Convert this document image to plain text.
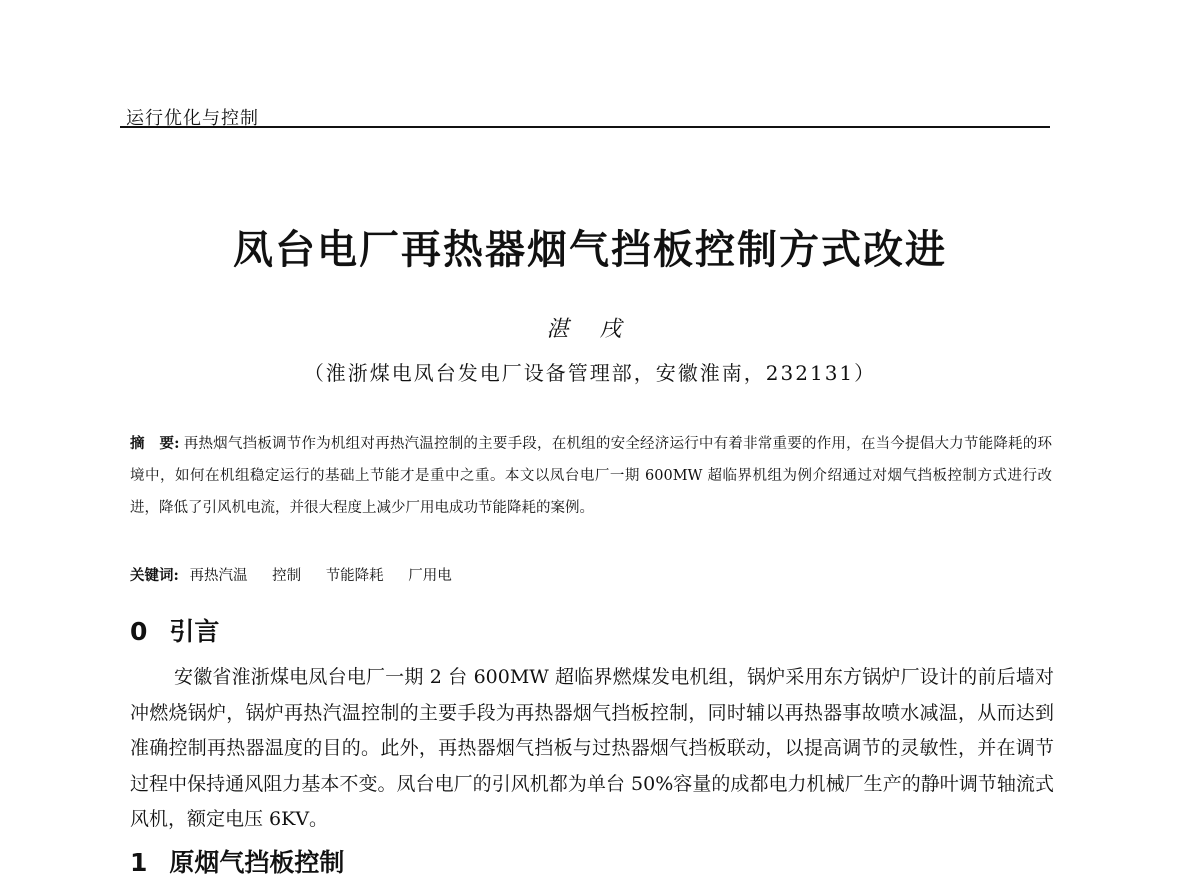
运行优化与控制
凤台电厂再热器烟气挡板控制方式改进
湛 戌
（淮浙煤电凤台发电厂设备管理部，安徽淮南，232131）
摘　要: 再热烟气挡板调节作为机组对再热汽温控制的主要手段，在机组的安全经济运行中有着非常重要的作用，在当今提倡大力节能降耗的环境中，如何在机组稳定运行的基础上节能才是重中之重。本文以凤台电厂一期 600MW 超临界机组为例介绍通过对烟气挡板控制方式进行改进，降低了引风机电流，并很大程度上减少厂用电成功节能降耗的案例。
关键词: 再热汽温 控制 节能降耗 厂用电
0 引言
安徽省淮浙煤电凤台电厂一期 2 台 600MW 超临界燃煤发电机组，锅炉采用东方锅炉厂设计的前后墙对冲燃烧锅炉，锅炉再热汽温控制的主要手段为再热器烟气挡板控制，同时辅以再热器事故喷水减温，从而达到准确控制再热器温度的目的。此外，再热器烟气挡板与过热器烟气挡板联动，以提高调节的灵敏性，并在调节过程中保持通风阻力基本不变。凤台电厂的引风机都为单台 50%容量的成都电力机械厂生产的静叶调节轴流式风机，额定电压 6KV。
1 原烟气挡板控制
